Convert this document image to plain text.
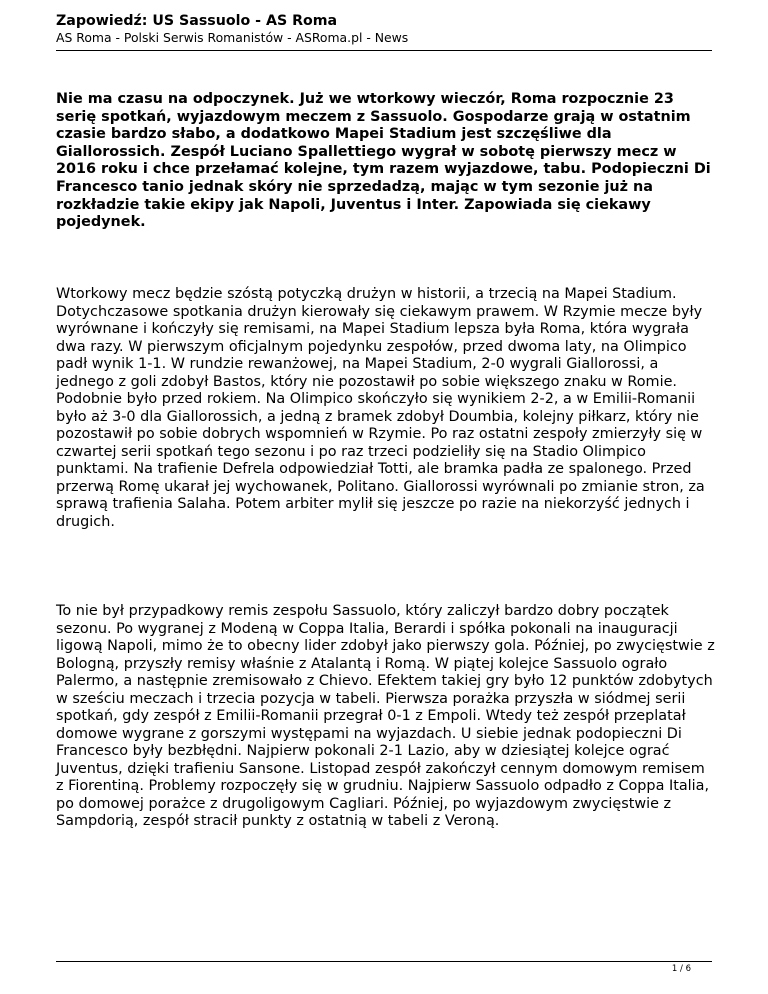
Zapowiedź: US Sassuolo - AS Roma

AS Roma - Polski Serwis Romanistów - ASRoma.pl - News

Nie ma czasu na odpoczynek. Już we wtorkowy wieczór, Roma rozpocznie 23 serię spotkań, wyjazdowym meczem z Sassuolo. Gospodarze grają w ostatnim czasie bardzo słabo, a dodatkowo Mapei Stadium jest szczęśliwe dla Giallorossich. Zespół Luciano Spallettiego wygrał w sobotę pierwszy mecz w 2016 roku i chce przełamać kolejne, tym razem wyjazdowe, tabu. Podopieczni Di Francesco tanio jednak skóry nie sprzedadzą, mając w tym sezonie już na rozkładzie takie ekipy jak Napoli, Juventus i Inter. Zapowiada się ciekawy pojedynek.

Wtorkowy mecz będzie szóstą potyczką drużyn w historii, a trzecią na Mapei Stadium. Dotychczasowe spotkania drużyn kierowały się ciekawym prawem. W Rzymie mecze były wyrównane i kończyły się remisami, na Mapei Stadium lepsza była Roma, która wygrała dwa razy. W pierwszym oficjalnym pojedynku zespołów, przed dwoma laty, na Olimpico padł wynik 1-1. W rundzie rewanżowej, na Mapei Stadium, 2-0 wygrali Giallorossi, a jednego z goli zdobył Bastos, który nie pozostawił po sobie większego znaku w Romie. Podobnie było przed rokiem. Na Olimpico skończyło się wynikiem 2-2, a w Emilii-Romanii było aż 3-0 dla Giallorossich, a jedną z bramek zdobył Doumbia, kolejny piłkarz, który nie pozostawił po sobie dobrych wspomnień w Rzymie. Po raz ostatni zespoły zmierzyły się w czwartej serii spotkań tego sezonu i po raz trzeci podzieliły się na Stadio Olimpico punktami. Na trafienie Defrela odpowiedział Totti, ale bramka padła ze spalonego. Przed przerwą Romę ukarał jej wychowanek, Politano. Giallorossi wyrównali po zmianie stron, za sprawą trafienia Salaha. Potem arbiter mylił się jeszcze po razie na niekorzyść jednych i drugich.

To nie był przypadkowy remis zespołu Sassuolo, który zaliczył bardzo dobry początek sezonu. Po wygranej z Modeną w Coppa Italia, Berardi i spółka pokonali na inauguracji ligową Napoli, mimo że to obecny lider zdobył jako pierwszy gola. Później, po zwycięstwie z Bologną, przyszły remisy właśnie z Atalantą i Romą. W piątej kolejce Sassuolo ograło Palermo, a następnie zremisowało z Chievo. Efektem takiej gry było 12 punktów zdobytych w sześciu meczach i trzecia pozycja w tabeli. Pierwsza porażka przyszła w siódmej serii spotkań, gdy zespół z Emilii-Romanii przegrał 0-1 z Empoli. Wtedy też zespół przeplatał domowe wygrane z gorszymi występami na wyjazdach. U siebie jednak podopieczni Di Francesco były bezbłędni. Najpierw pokonali 2-1 Lazio, aby w dziesiątej kolejce ograć Juventus, dzięki trafieniu Sansone. Listopad zespół zakończył cennym domowym remisem z Fiorentiną. Problemy rozpoczęły się w grudniu. Najpierw Sassuolo odpadło z Coppa Italia, po domowej porażce z drugoligowym Cagliari. Później, po wyjazdowym zwycięstwie z Sampdorią, zespół stracił punkty z ostatnią w tabeli z Veroną.

1 / 6
